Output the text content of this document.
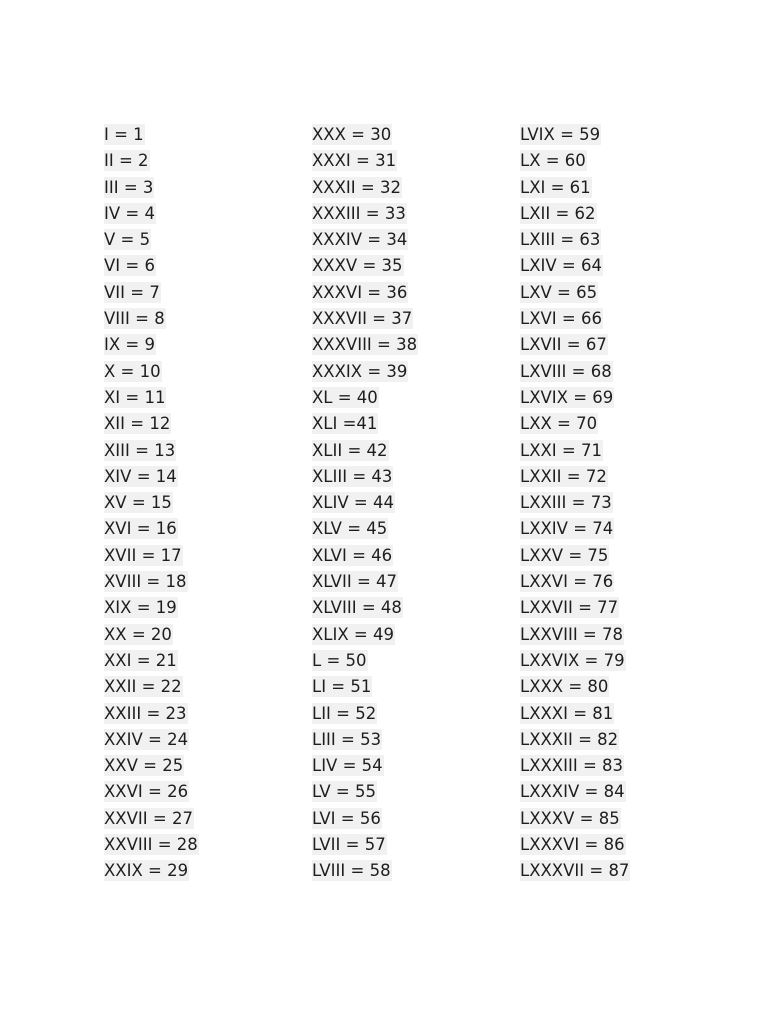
I = 1
II = 2
III = 3
IV = 4
V = 5
VI = 6
VII = 7
VIII = 8
IX = 9
X = 10
XI = 11
XII = 12
XIII = 13
XIV = 14
XV = 15
XVI = 16
XVII = 17
XVIII = 18
XIX = 19
XX = 20
XXI = 21
XXII = 22
XXIII = 23
XXIV = 24
XXV = 25
XXVI = 26
XXVII = 27
XXVIII = 28
XXIX = 29
XXX = 30
XXXI = 31
XXXII = 32
XXXIII = 33
XXXIV = 34
XXXV = 35
XXXVI = 36
XXXVII = 37
XXXVIII = 38
XXXIX = 39
XL = 40
XLI =41
XLII = 42
XLIII = 43
XLIV = 44
XLV = 45
XLVI = 46
XLVII = 47
XLVIII = 48
XLIX = 49
L = 50
LI = 51
LII = 52
LIII = 53
LIV = 54
LV = 55
LVI = 56
LVII = 57
LVIII = 58
LVIX = 59
LX = 60
LXI = 61
LXII = 62
LXIII = 63
LXIV = 64
LXV = 65
LXVI = 66
LXVII = 67
LXVIII = 68
LXVIX = 69
LXX = 70
LXXI = 71
LXXII = 72
LXXIII = 73
LXXIV = 74
LXXV = 75
LXXVI = 76
LXXVII = 77
LXXVIII = 78
LXXVIX = 79
LXXX = 80
LXXXI = 81
LXXXII = 82
LXXXIII = 83
LXXXIV = 84
LXXXV = 85
LXXXVI = 86
LXXXVII = 87
